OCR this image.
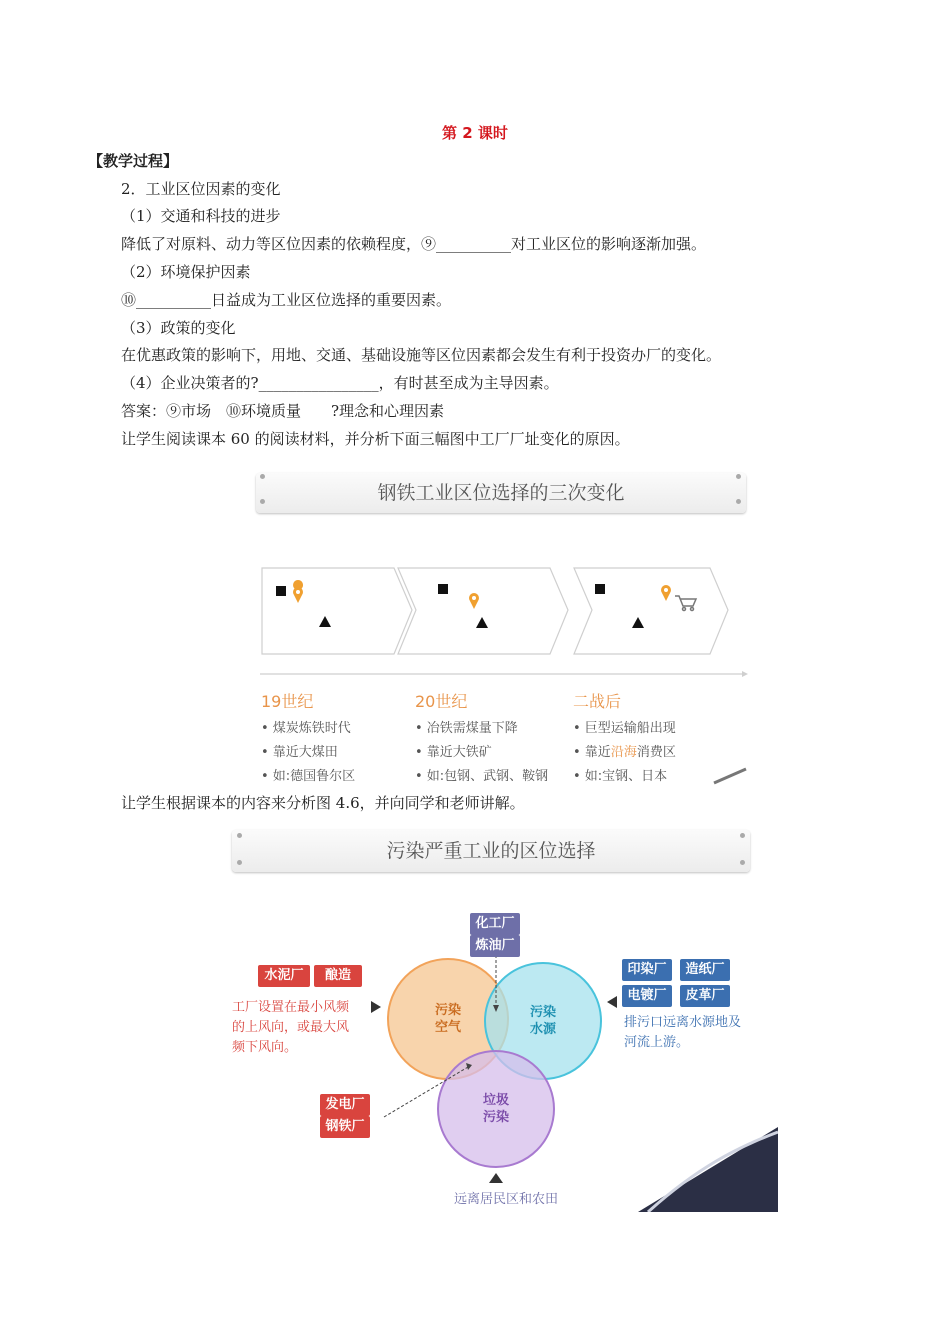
第 2 课时
【教学过程】
2．工业区位因素的变化
（1）交通和科技的进步
降低了对原料、动力等区位因素的依赖程度，⑨__________对工业区位的影响逐渐加强。
（2）环境保护因素
⑩__________日益成为工业区位选择的重要因素。
（3）政策的变化
在优惠政策的影响下，用地、交通、基础设施等区位因素都会发生有利于投资办厂的变化。
（4）企业决策者的?________________，有时甚至成为主导因素。
答案：⑨市场　⑩环境质量　　?理念和心理因素
让学生阅读课本 60 的阅读材料，并分析下面三幅图中工厂厂址变化的原因。
钢铁工业区位选择的三次变化
19世纪	20世纪	二战后
• 煤炭炼铁时代
• 靠近大煤田
• 如:德国鲁尔区
• 冶铁需煤量下降
• 靠近大铁矿
• 如:包钢、武钢、鞍钢
• 巨型运输船出现
• 靠近沿海消费区
• 如:宝钢、日本
让学生根据课本的内容来分析图 4.6，并向同学和老师讲解。
污染严重工业的区位选择
污染
空气
污染
水源
垃圾
污染
化工厂
炼油厂
水泥厂	酿造
工厂设置在最小风频
的上风向，或最大风
频下风向。
印染厂	造纸厂
电镀厂	皮革厂
排污口远离水源地及
河流上游。
发电厂
钢铁厂
远离居民区和农田
